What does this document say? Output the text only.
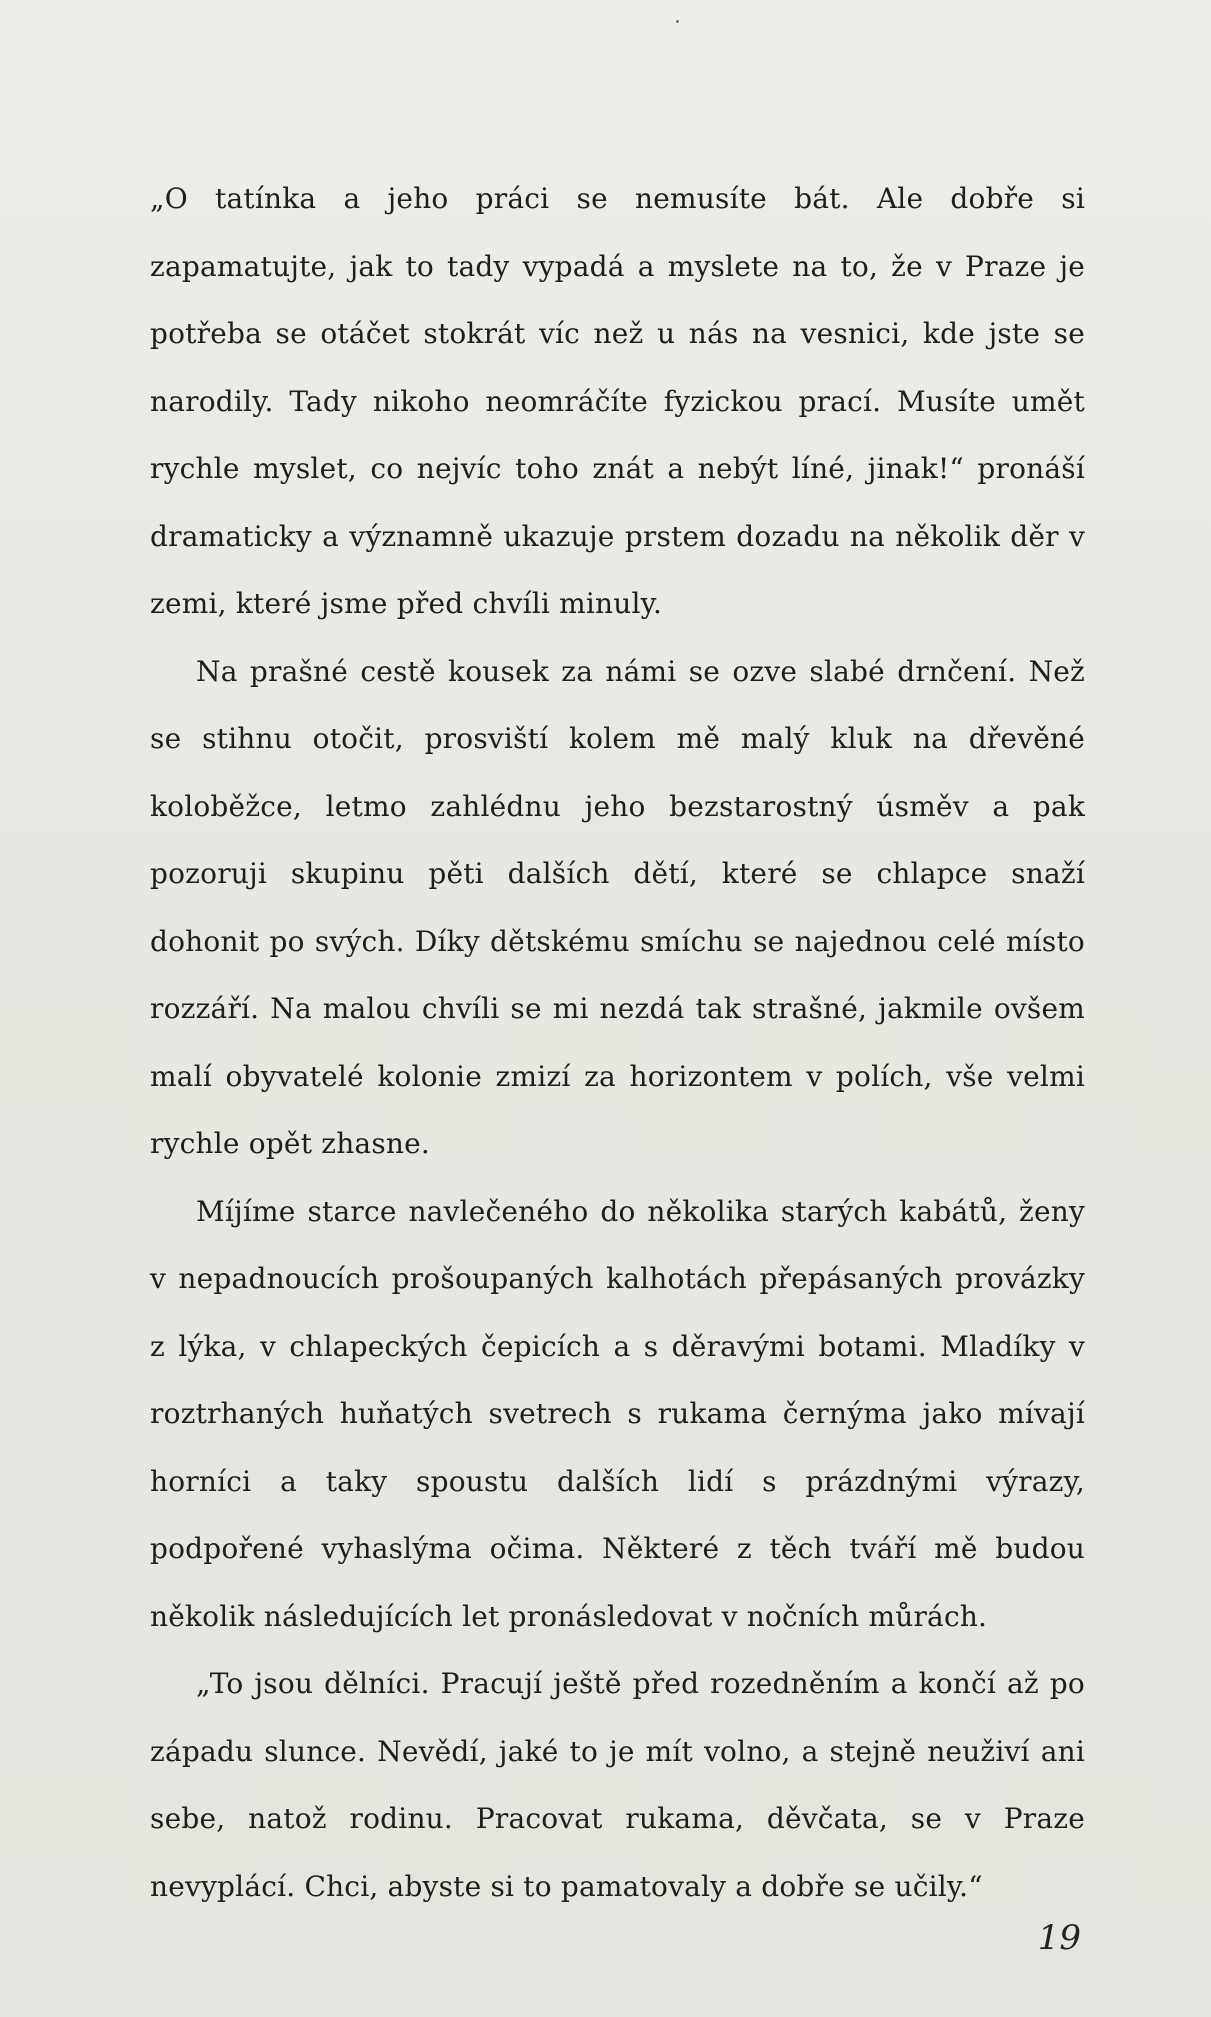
„O tatínka a jeho práci se nemusíte bát. Ale dobře si zapamatujte, jak to tady vypadá a myslete na to, že v Praze je potřeba se otáčet stokrát víc než u nás na vesnici, kde jste se narodily. Tady nikoho neomráčíte fyzickou prací. Musíte umět rychle myslet, co nejvíc toho znát a nebýt líné, jinak!“ pronáší dramaticky a významně ukazuje prstem dozadu na několik děr v zemi, které jsme před chvíli minuly.

Na prašné cestě kousek za námi se ozve slabé drnčení. Než se stihnu otočit, prosviští kolem mě malý kluk na dřevěné koloběžce, letmo zahlédnu jeho bezstarostný úsměv a pak pozoruji skupinu pěti dalších dětí, které se chlapce snaží dohonit po svých. Díky dětskému smíchu se najednou celé místo rozzáří. Na malou chvíli se mi nezdá tak strašné, jakmile ovšem malí obyvatelé kolonie zmizí za horizontem v polích, vše velmi rychle opět zhasne.

Míjíme starce navlečeného do několika starých kabátů, ženy v nepadnoucích prošoupaných kalhotách přepásaných provázky z lýka, v chlapeckých čepicích a s děravými botami. Mladíky v roztrhaných huňatých svetrech s rukama černýma jako mívají horníci a taky spoustu dalších lidí s prázdnými výrazy, podpořené vyhaslýma očima. Některé z těch tváří mě budou několik následujících let pronásledovat v nočních můrách.

„To jsou dělníci. Pracují ještě před rozedněním a končí až po západu slunce. Nevědí, jaké to je mít volno, a stejně neuživí ani sebe, natož rodinu. Pracovat rukama, děvčata, se v Praze nevyplácí. Chci, abyste si to pamatovaly a dobře se učily.“

19
